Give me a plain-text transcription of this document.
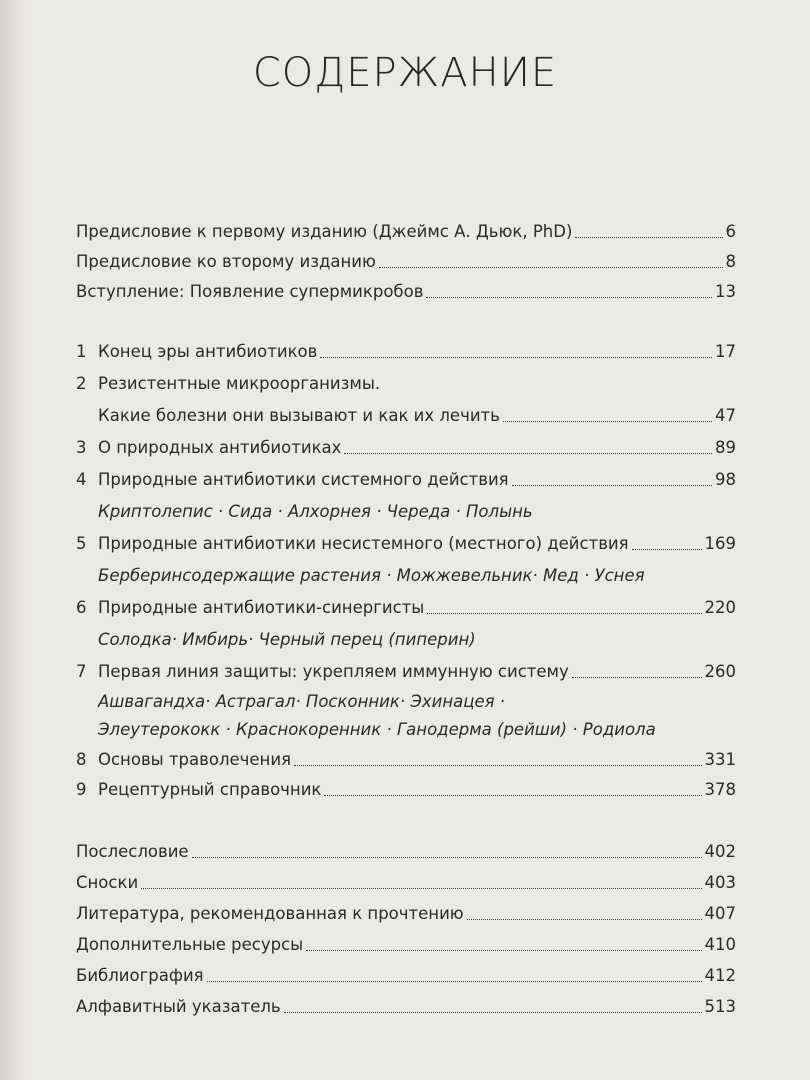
СОДЕРЖАНИЕ
Предисловие к первому изданию (Джеймс А. Дьюк, PhD)	6
Предисловие ко второму изданию	8
Вступление: Появление супермикробов	13
1 Конец эры антибиотиков	17
2 Резистентные микроорганизмы.
Какие болезни они вызывают и как их лечить	47
3 О природных антибиотиках	89
4 Природные антибиотики системного действия	98
Криптолепис · Сида · Алхорнея · Череда · Полынь
5 Природные антибиотики несистемного (местного) действия	169
Берберинсодержащие растения · Можжевельник· Мед · Уснея
6 Природные антибиотики-синергисты	220
Солодка· Имбирь· Черный перец (пиперин)
7 Первая линия защиты: укрепляем иммунную систему	260
Ашвагандха· Астрагал· Посконник· Эхинацея ·
Элеутерококк · Краснокоренник · Ганодерма (рейши) · Родиола
8 Основы траволечения	331
9 Рецептурный справочник	378
Послесловие	402
Сноски	403
Литература, рекомендованная к прочтению	407
Дополнительные ресурсы	410
Библиография	412
Алфавитный указатель	513
